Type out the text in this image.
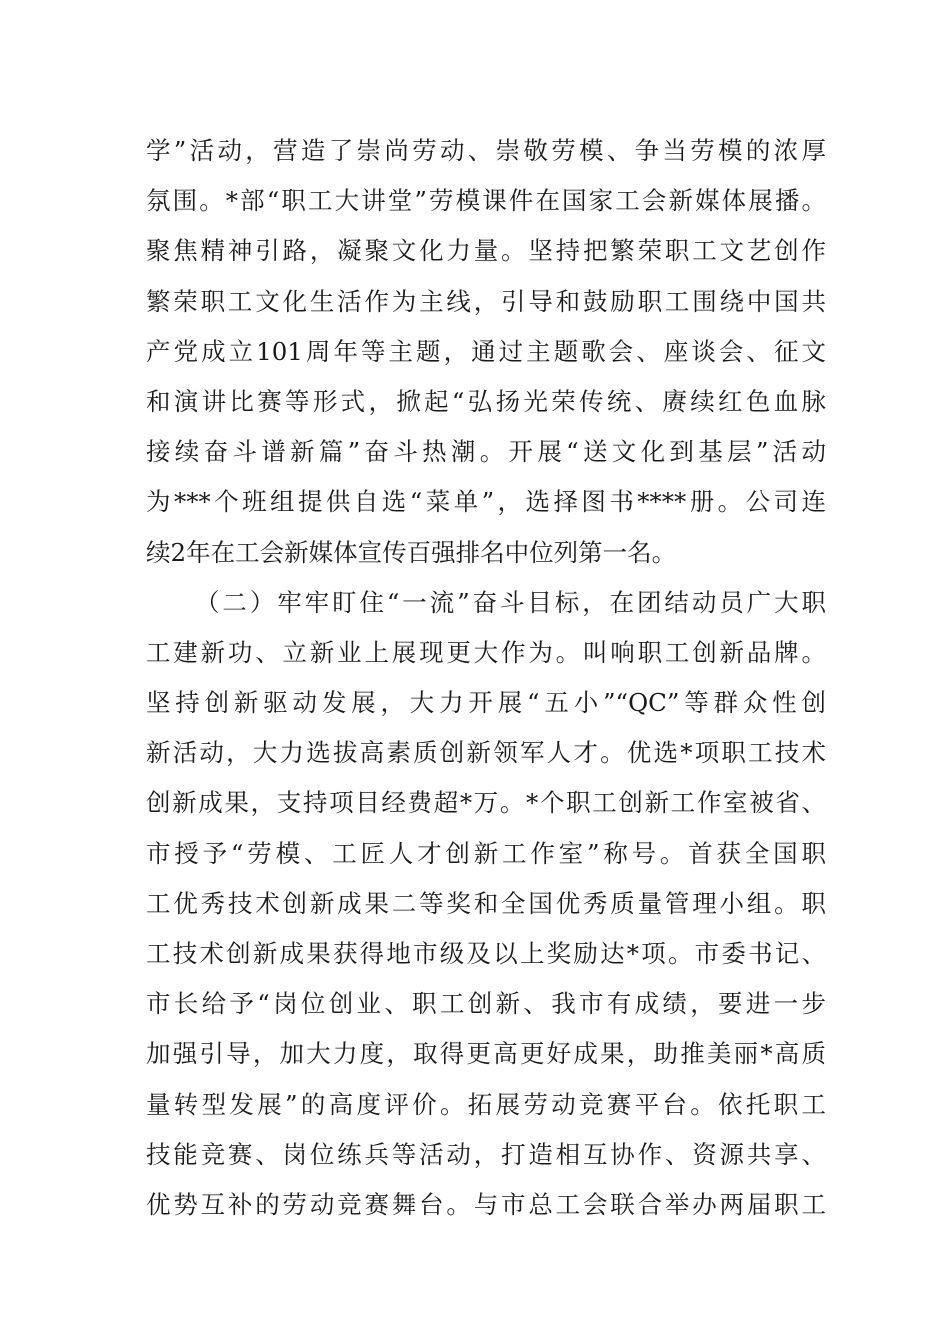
学”活动，营造了崇尚劳动、崇敬劳模、争当劳模的浓厚
氛围。*部“职工大讲堂”劳模课件在国家工会新媒体展播。
聚焦精神引路，凝聚文化力量。坚持把繁荣职工文艺创作
繁荣职工文化生活作为主线，引导和鼓励职工围绕中国共
产党成立101周年等主题，通过主题歌会、座谈会、征文
和演讲比赛等形式，掀起“弘扬光荣传统、赓续红色血脉
接续奋斗谱新篇”奋斗热潮。开展“送文化到基层”活动
为***个班组提供自选“菜单”，选择图书****册。公司连
续2年在工会新媒体宣传百强排名中位列第一名。
（二）牢牢盯住“一流”奋斗目标，在团结动员广大职
工建新功、立新业上展现更大作为。叫响职工创新品牌。
坚持创新驱动发展，大力开展“五小”“QC”等群众性创
新活动，大力选拔高素质创新领军人才。优选*项职工技术
创新成果，支持项目经费超*万。*个职工创新工作室被省、
市授予“劳模、工匠人才创新工作室”称号。首获全国职
工优秀技术创新成果二等奖和全国优秀质量管理小组。职
工技术创新成果获得地市级及以上奖励达*项。市委书记、
市长给予“岗位创业、职工创新、我市有成绩，要进一步
加强引导，加大力度，取得更高更好成果，助推美丽*高质
量转型发展”的高度评价。拓展劳动竞赛平台。依托职工
技能竞赛、岗位练兵等活动，打造相互协作、资源共享、
优势互补的劳动竞赛舞台。与市总工会联合举办两届职工
